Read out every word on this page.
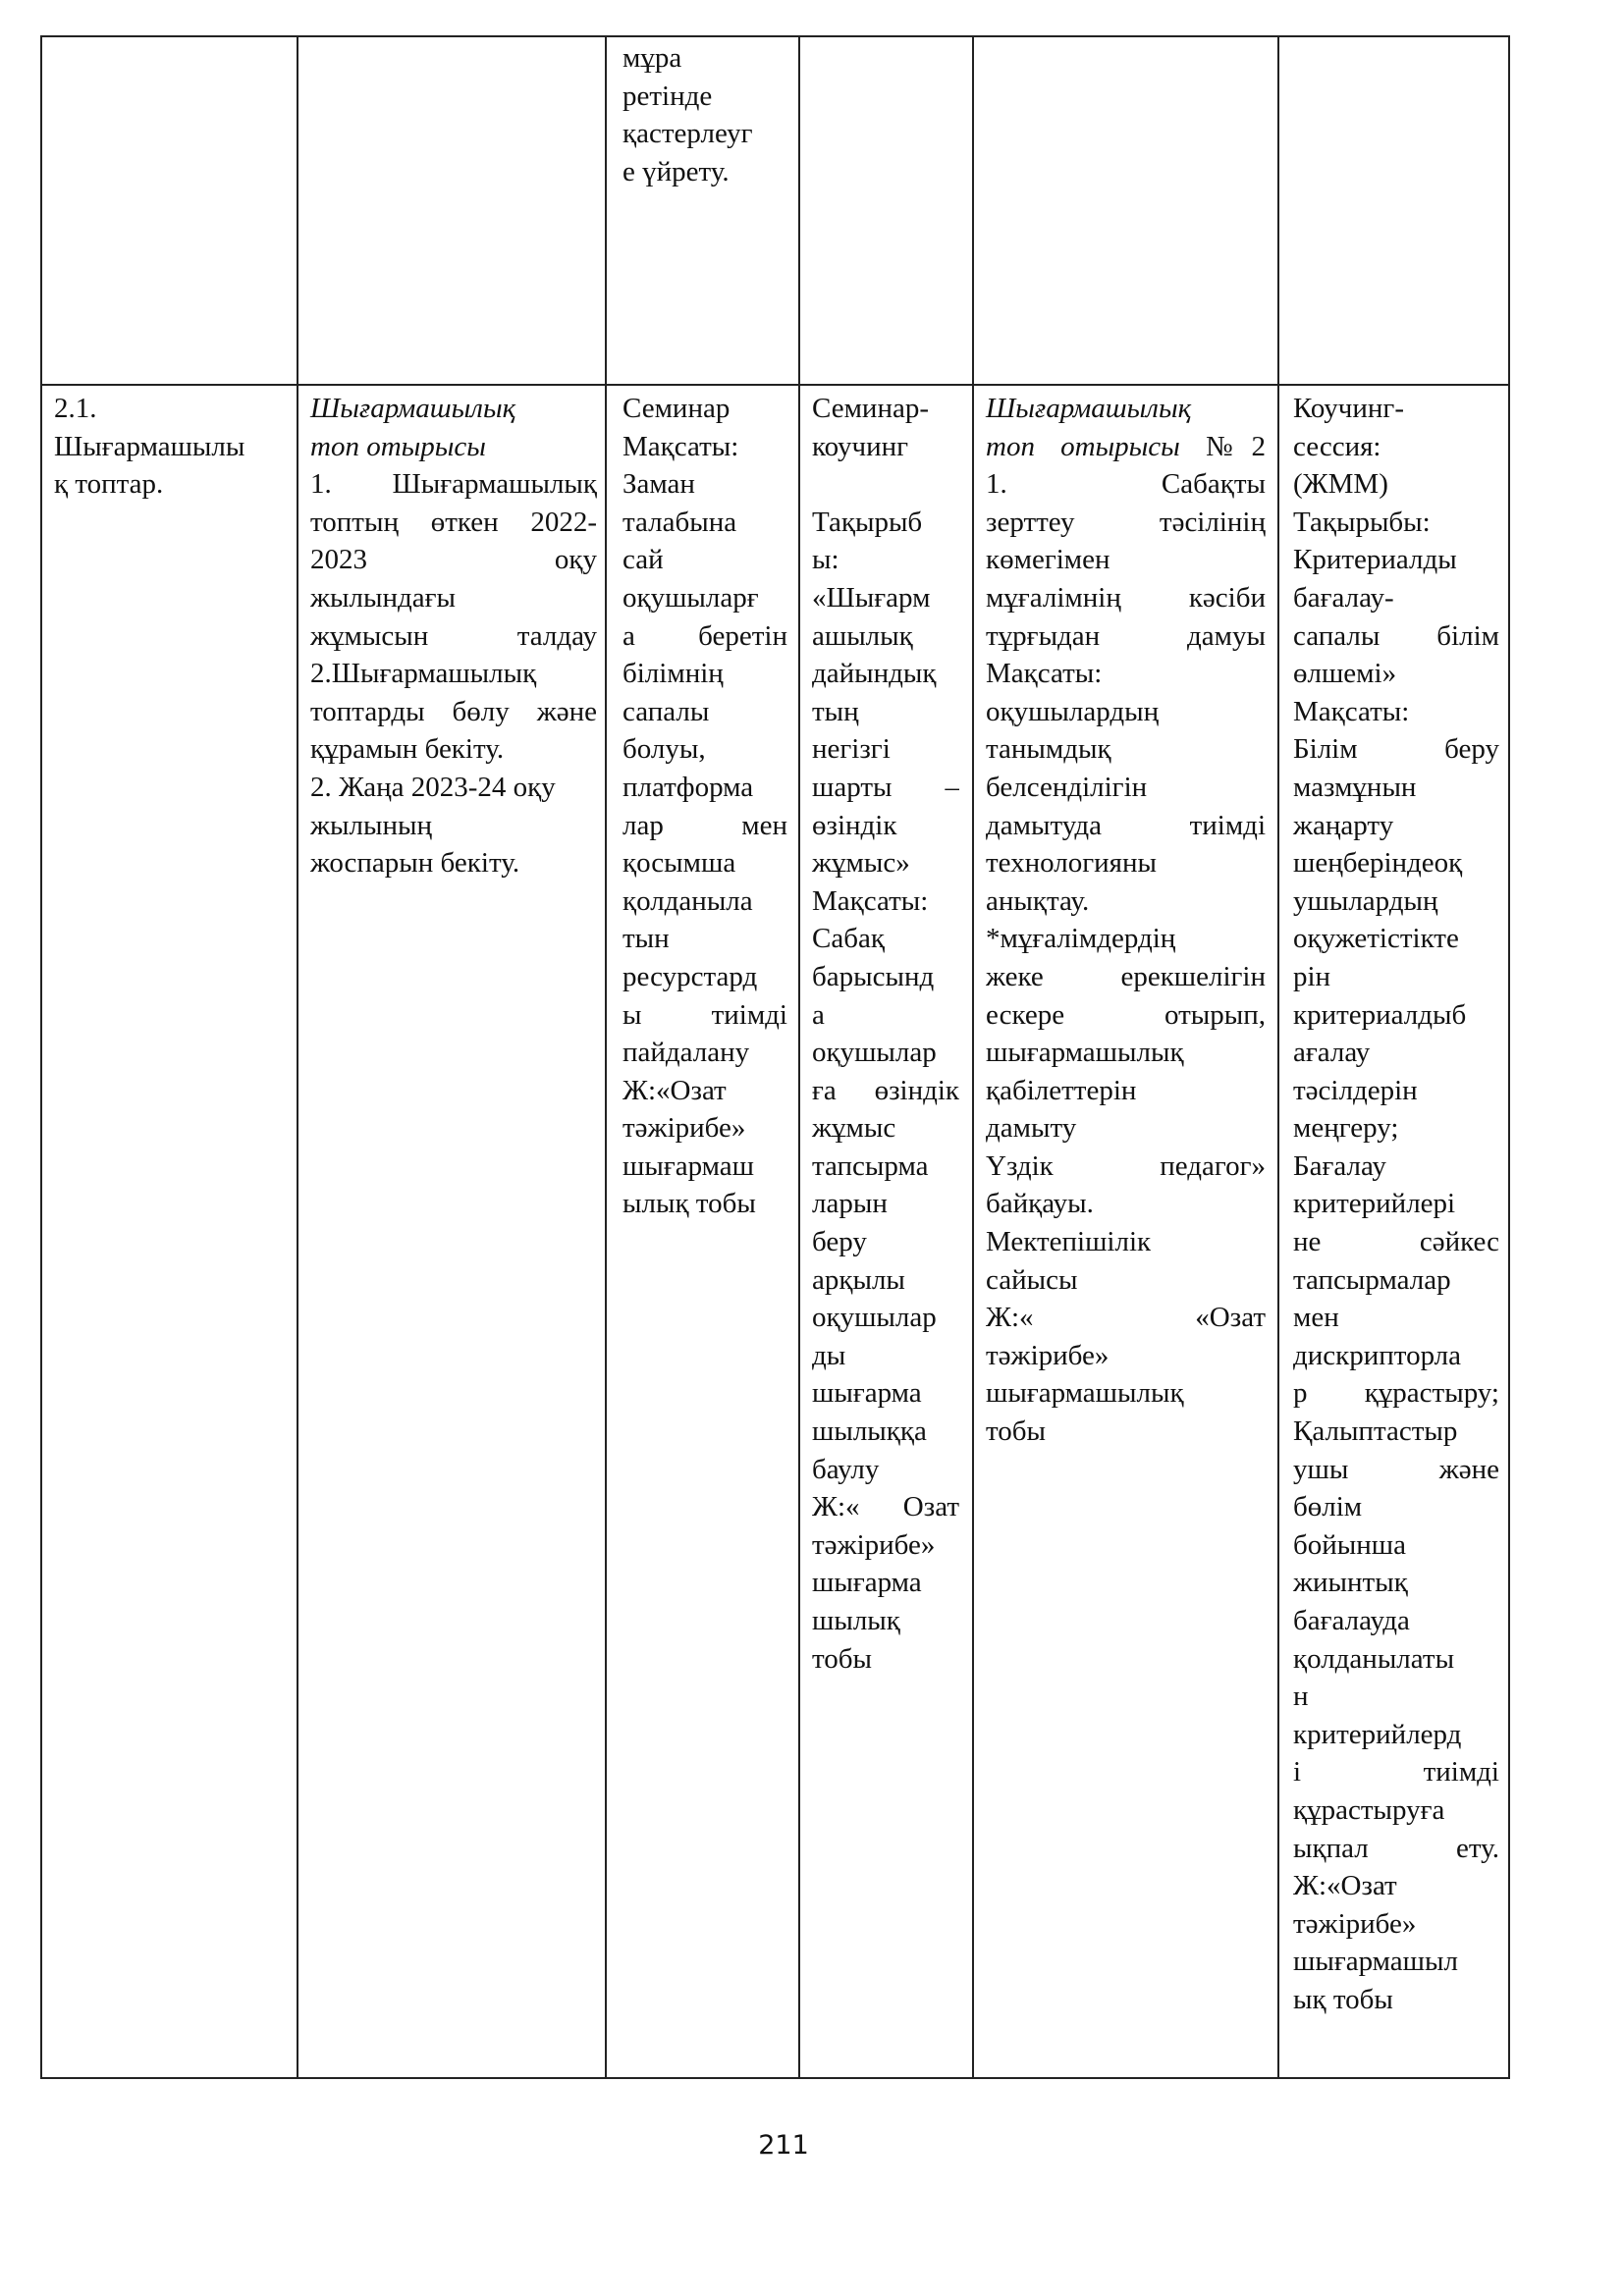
мұра
ретінде
қастерлеуг
е үйрету.
2.1.
Шығармашылы
қ топтар.
Шығармашылық
топ отырысы
1. Шығармашылық
топтың өткен 2022-
2023 оқу
жылындағы
жұмысын талдау
2.Шығармашылық
топтарды бөлу және
құрамын бекіту.
2. Жаңа 2023-24 оқу
жылының
жоспарын бекіту.
Семинар
Мақсаты:
Заман
талабына
сай
оқушыларғ
а беретін
білімнің
сапалы
болуы,
платформа
лар мен
қосымша
қолданыла
тын
ресурстард
ы тиімді
пайдалану
Ж:«Озат
тәжірибе»
шығармаш
ылық тобы
Семинар-
коучинг

Тақырыб
ы:
«Шығарм
ашылық
дайындық
тың
негізгі
шарты –
өзіндік
жұмыс»
Мақсаты:
Сабақ
барысынд
а
оқушылар
ға өзіндік
жұмыс
тапсырма
ларын
беру
арқылы
оқушылар
ды
шығарма
шылыққа
баулу
Ж:« Озат
тәжірибе»
шығарма
шылық
тобы
Шығармашылық
топ отырысы №2
1. Сабақты
зерттеу тәсілінің
көмегімен
мұғалімнің кәсіби
тұрғыдан дамуы
Мақсаты:
оқушылардың
танымдық
белсенділігін
дамытуда тиімді
технологияны
анықтау.
*мұғалімдердің
жеке ерекшелігін
ескере отырып,
шығармашылық
қабілеттерін
дамыту
Үздік педагог»
байқауы.
Мектепішілік
сайысы
Ж:« «Озат
тәжірибе»
шығармашылық
тобы
Коучинг-
сессия:
(ЖММ)
Тақырыбы:
Критериалды
бағалау-
сапалы білім
өлшемі»
Мақсаты:
Білім беру
мазмұнын
жаңарту
шеңберіндеоқ
ушылардың
оқужетістікте
рін
критериалдыб
ағалау
тәсілдерін
меңгеру;
Бағалау
критерийлері
не сәйкес
тапсырмалар
мен
дискрипторла
р құрастыру;
Қалыптастыр
ушы және
бөлім
бойынша
жиынтық
бағалауда
қолданылаты
н
критерийлерд
і тиімді
құрастыруға
ықпал ету.
Ж:«Озат
тәжірибе»
шығармашыл
ық тобы
211
